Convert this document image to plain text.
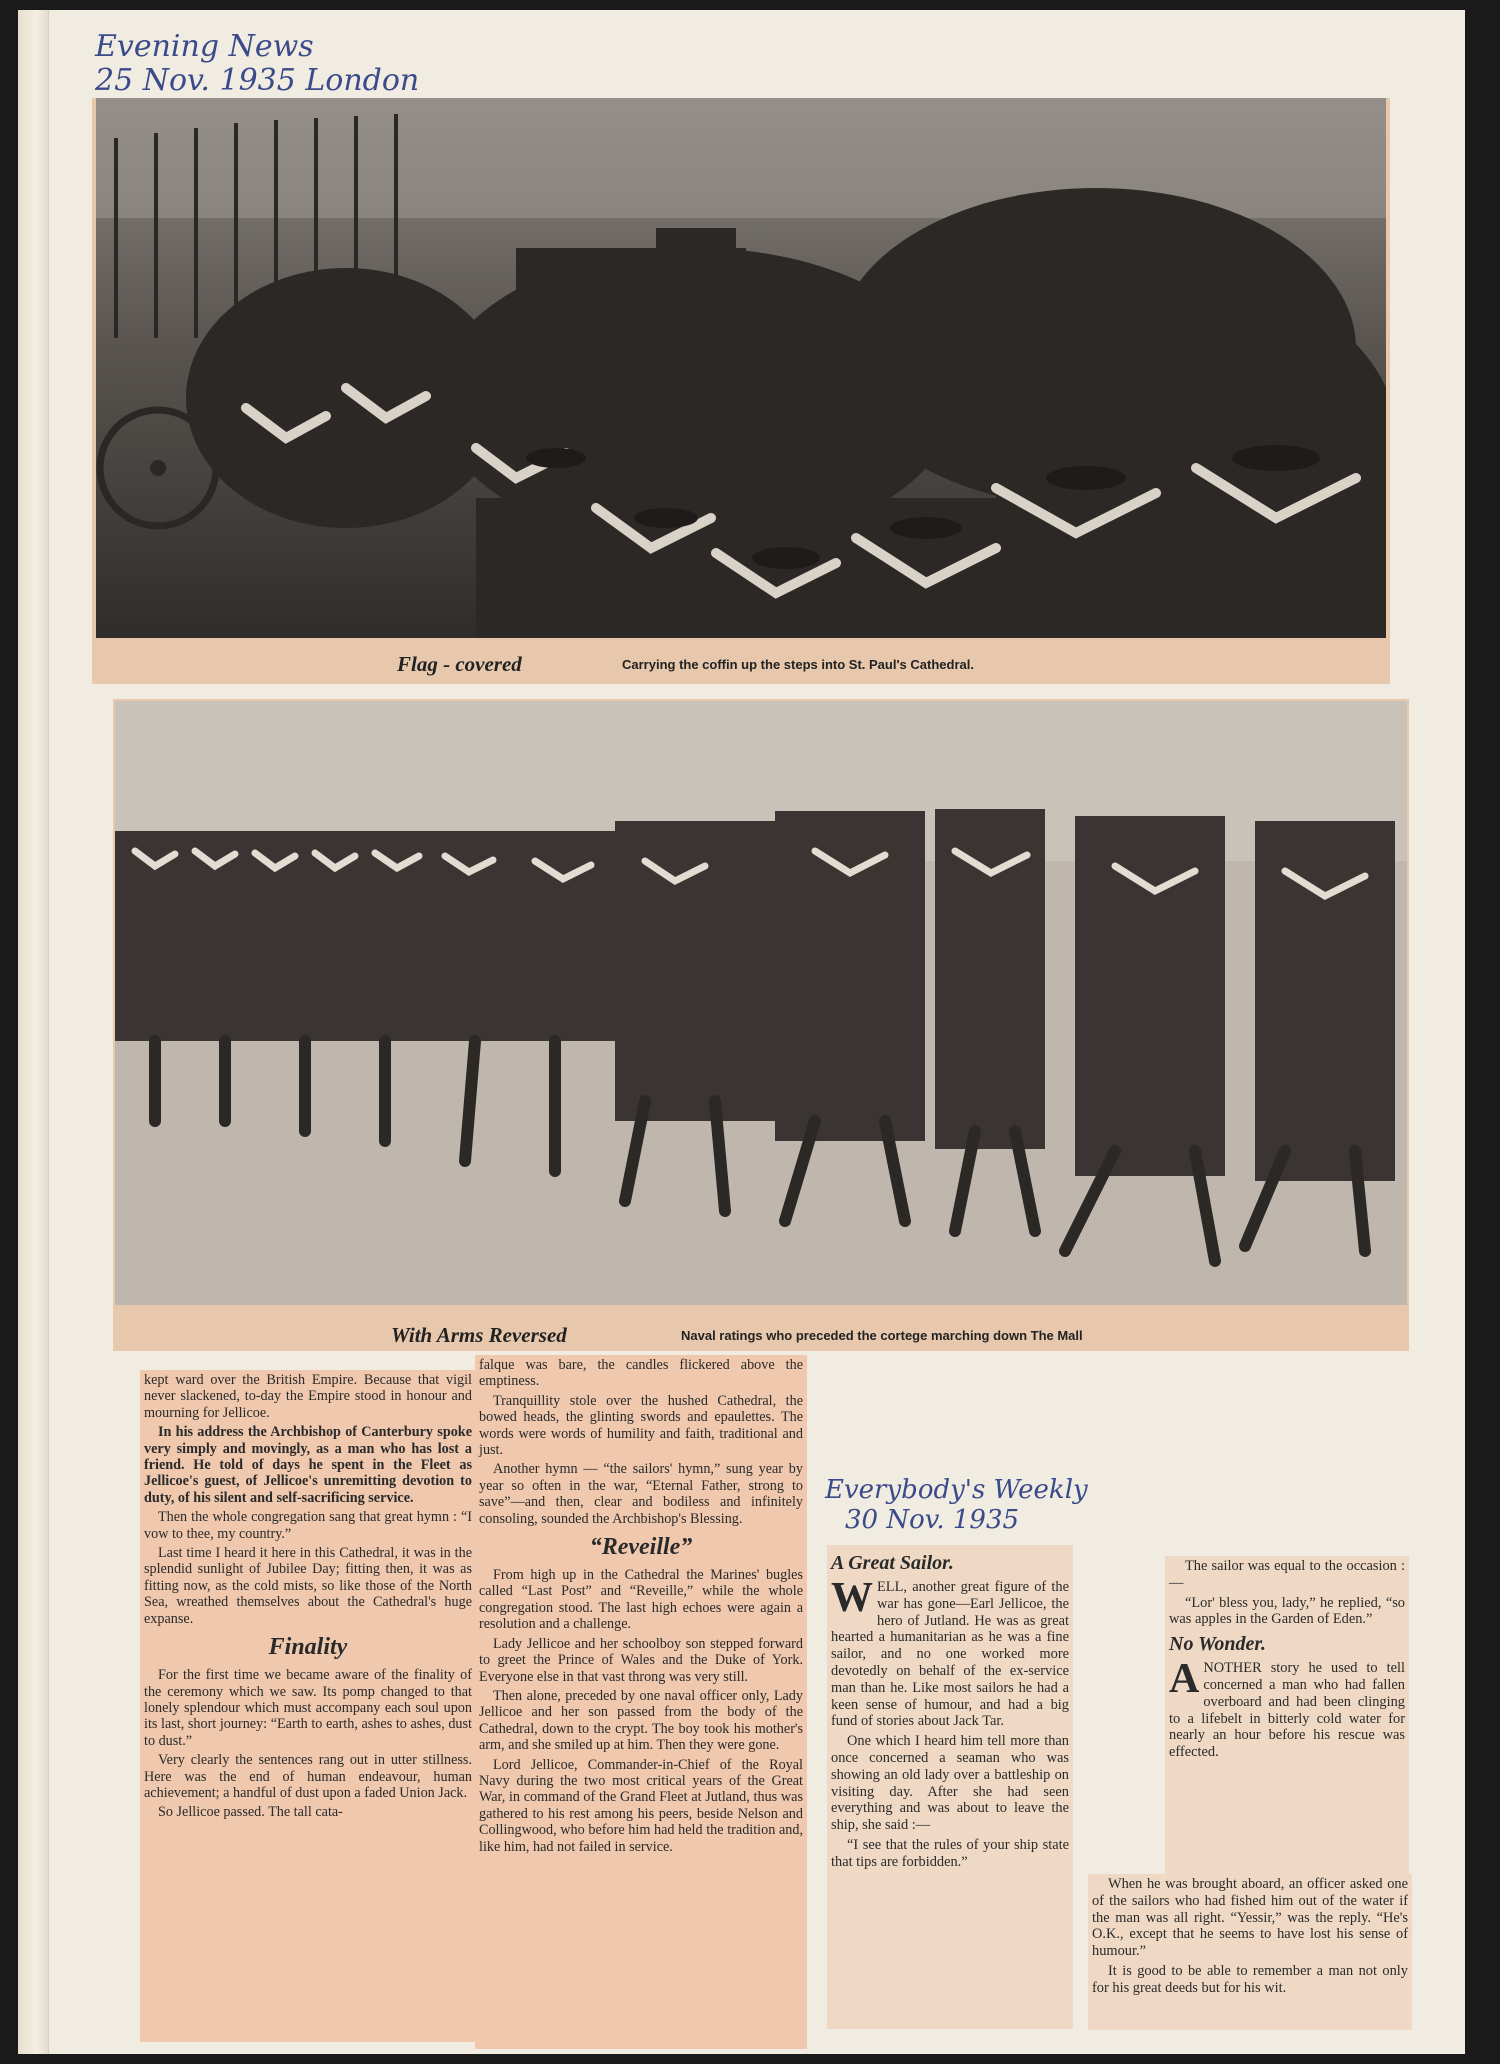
Evening News
25 Nov. 1935 London
Flag - covered	Carrying the coffin up the steps into St. Paul's Cathedral.
With Arms Reversed	Naval ratings who preceded the cortege marching down The Mall

kept ward over the British Empire. Because that vigil never slackened, to-day the Empire stood in honour and mourning for Jellicoe.

In his address the Archbishop of Canterbury spoke very simply and movingly, as a man who has lost a friend. He told of days he spent in the Fleet as Jellicoe's guest, of Jellicoe's unremitting devotion to duty, of his silent and self-sacrificing service.

Then the whole congregation sang that great hymn : “I vow to thee, my country.”

Last time I heard it here in this Cathedral, it was in the splendid sunlight of Jubilee Day; fitting then, it was as fitting now, as the cold mists, so like those of the North Sea, wreathed themselves about the Cathedral's huge expanse.

Finality

For the first time we became aware of the finality of the ceremony which we saw. Its pomp changed to that lonely splendour which must accompany each soul upon its last, short journey: “Earth to earth, ashes to ashes, dust to dust.”

Very clearly the sentences rang out in utter stillness. Here was the end of human endeavour, human achievement; a handful of dust upon a faded Union Jack.

So Jellicoe passed. The tall cata-

falque was bare, the candles flickered above the emptiness.

Tranquillity stole over the hushed Cathedral, the bowed heads, the glinting swords and epaulettes. The words were words of humility and faith, traditional and just.

Another hymn — “the sailors' hymn,” sung year by year so often in the war, “Eternal Father, strong to save”—and then, clear and bodiless and infinitely consoling, sounded the Archbishop's Blessing.

“Reveille”

From high up in the Cathedral the Marines' bugles called “Last Post” and “Reveille,” while the whole congregation stood. The last high echoes were again a resolution and a challenge.

Lady Jellicoe and her schoolboy son stepped forward to greet the Prince of Wales and the Duke of York. Everyone else in that vast throng was very still.

Then alone, preceded by one naval officer only, Lady Jellicoe and her son passed from the body of the Cathedral, down to the crypt. The boy took his mother's arm, and she smiled up at him. Then they were gone.

Lord Jellicoe, Commander-in-Chief of the Royal Navy during the two most critical years of the Great War, in command of the Grand Fleet at Jutland, thus was gathered to his rest among his peers, beside Nelson and Collingwood, who before him had held the tradition and, like him, had not failed in service.

Everybody's Weekly
30 Nov. 1935

A Great Sailor.

WELL, another great figure of the war has gone—Earl Jellicoe, the hero of Jutland. He was as great hearted a humanitarian as he was a fine sailor, and no one worked more devotedly on behalf of the ex-service man than he. Like most sailors he had a keen sense of humour, and had a big fund of stories about Jack Tar.

One which I heard him tell more than once concerned a seaman who was showing an old lady over a battleship on visiting day. After she had seen everything and was about to leave the ship, she said :—

“I see that the rules of your ship state that tips are forbidden.”

The sailor was equal to the occasion :—

“Lor' bless you, lady,” he replied, “so was apples in the Garden of Eden.”

No Wonder.

ANOTHER story he used to tell concerned a man who had fallen overboard and had been clinging to a lifebelt in bitterly cold water for nearly an hour before his rescue was effected.

When he was brought aboard, an officer asked one of the sailors who had fished him out of the water if the man was all right. “Yessir,” was the reply. “He's O.K., except that he seems to have lost his sense of humour.”

It is good to be able to remember a man not only for his great deeds but for his wit.
